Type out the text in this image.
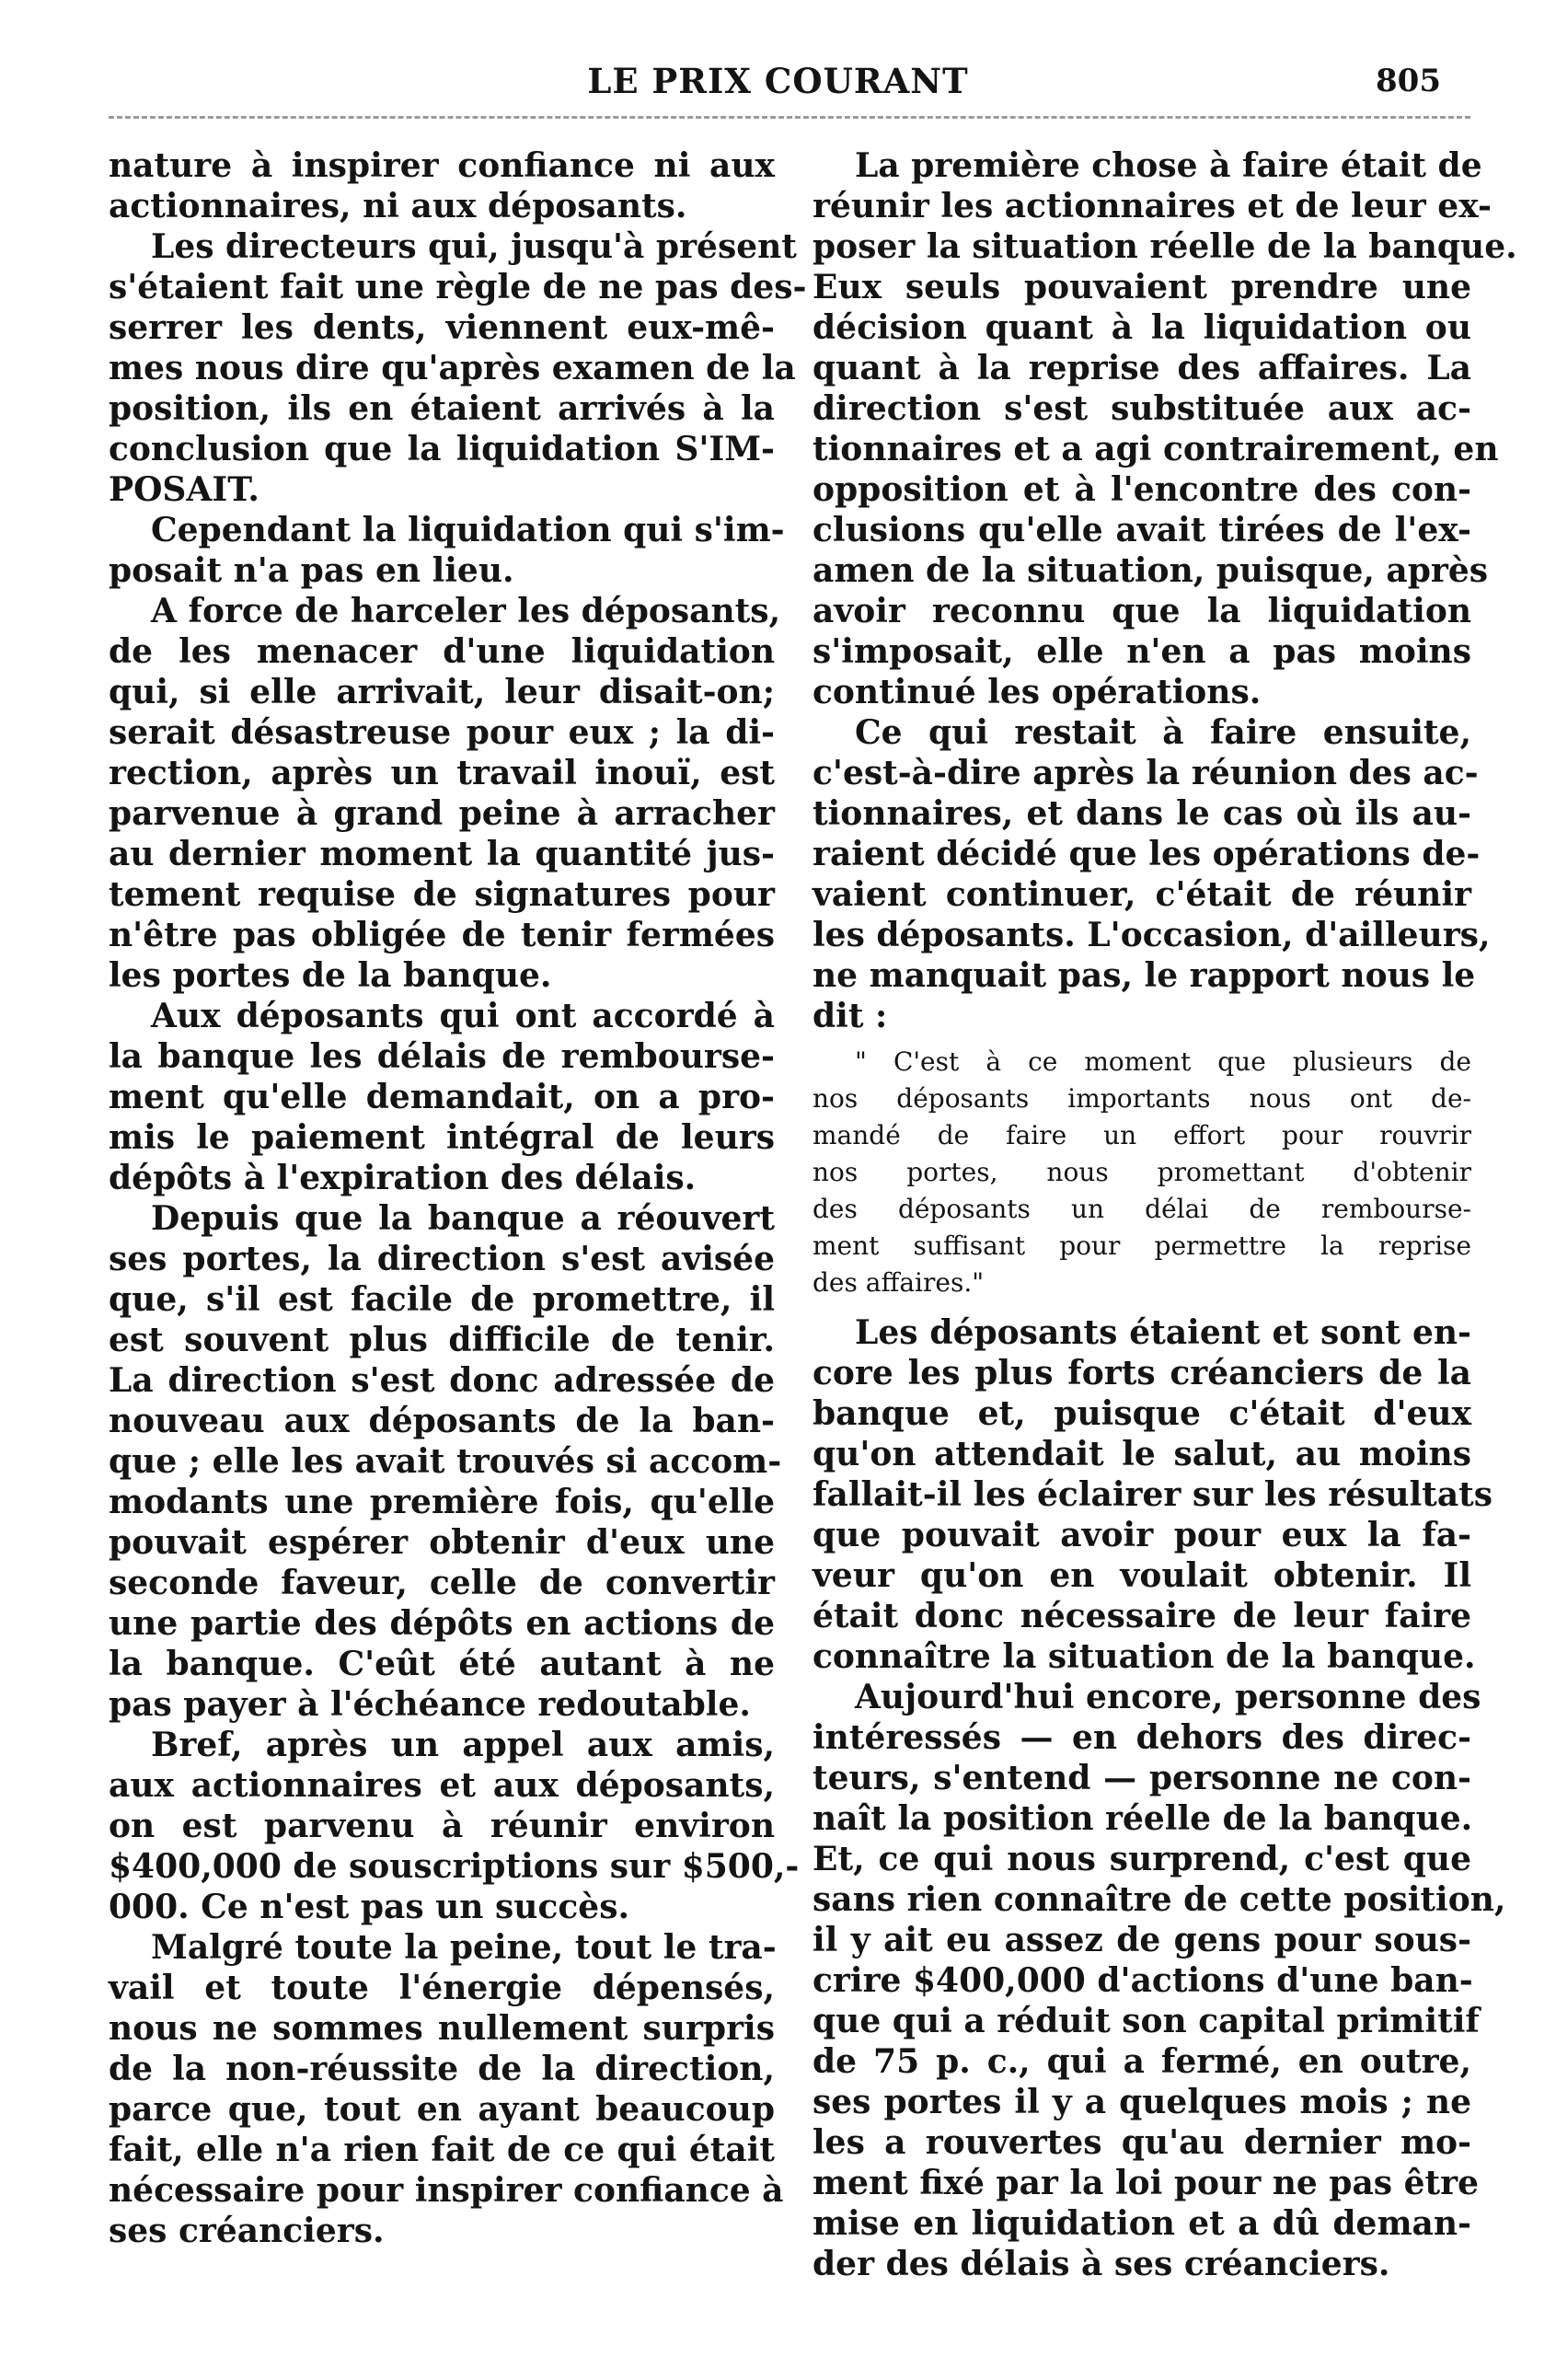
LE PRIX COURANT	805
nature à inspirer confiance ni aux
actionnaires, ni aux déposants.
Les directeurs qui, jusqu'à présent
s'étaient fait une règle de ne pas des-
serrer les dents, viennent eux-mê-
mes nous dire qu'après examen de la
position, ils en étaient arrivés à la
conclusion que la liquidation S'IM-
POSAIT.
Cependant la liquidation qui s'im-
posait n'a pas en lieu.
A force de harceler les déposants,
de les menacer d'une liquidation
qui, si elle arrivait, leur disait-on;
serait désastreuse pour eux ; la di-
rection, après un travail inouï, est
parvenue à grand peine à arracher
au dernier moment la quantité jus-
tement requise de signatures pour
n'être pas obligée de tenir fermées
les portes de la banque.
Aux déposants qui ont accordé à
la banque les délais de rembourse-
ment qu'elle demandait, on a pro-
mis le paiement intégral de leurs
dépôts à l'expiration des délais.
Depuis que la banque a réouvert
ses portes, la direction s'est avisée
que, s'il est facile de promettre, il
est souvent plus difficile de tenir.
La direction s'est donc adressée de
nouveau aux déposants de la ban-
que ; elle les avait trouvés si accom-
modants une première fois, qu'elle
pouvait espérer obtenir d'eux une
seconde faveur, celle de convertir
une partie des dépôts en actions de
la banque. C'eût été autant à ne
pas payer à l'échéance redoutable.
Bref, après un appel aux amis,
aux actionnaires et aux déposants,
on est parvenu à réunir environ
$400,000 de souscriptions sur $500,-
000. Ce n'est pas un succès.
Malgré toute la peine, tout le tra-
vail et toute l'énergie dépensés,
nous ne sommes nullement surpris
de la non-réussite de la direction,
parce que, tout en ayant beaucoup
fait, elle n'a rien fait de ce qui était
nécessaire pour inspirer confiance à
ses créanciers.
La première chose à faire était de
réunir les actionnaires et de leur ex-
poser la situation réelle de la banque.
Eux seuls pouvaient prendre une
décision quant à la liquidation ou
quant à la reprise des affaires. La
direction s'est substituée aux ac-
tionnaires et a agi contrairement, en
opposition et à l'encontre des con-
clusions qu'elle avait tirées de l'ex-
amen de la situation, puisque, après
avoir reconnu que la liquidation
s'imposait, elle n'en a pas moins
continué les opérations.
Ce qui restait à faire ensuite,
c'est-à-dire après la réunion des ac-
tionnaires, et dans le cas où ils au-
raient décidé que les opérations de-
vaient continuer, c'était de réunir
les déposants. L'occasion, d'ailleurs,
ne manquait pas, le rapport nous le
dit :
" C'est à ce moment que plusieurs de
nos déposants importants nous ont de-
mandé de faire un effort pour rouvrir
nos portes, nous promettant d'obtenir
des déposants un délai de rembourse-
ment suffisant pour permettre la reprise
des affaires."
Les déposants étaient et sont en-
core les plus forts créanciers de la
banque et, puisque c'était d'eux
qu'on attendait le salut, au moins
fallait-il les éclairer sur les résultats
que pouvait avoir pour eux la fa-
veur qu'on en voulait obtenir. Il
était donc nécessaire de leur faire
connaître la situation de la banque.
Aujourd'hui encore, personne des
intéressés — en dehors des direc-
teurs, s'entend — personne ne con-
naît la position réelle de la banque.
Et, ce qui nous surprend, c'est que
sans rien connaître de cette position,
il y ait eu assez de gens pour sous-
crire $400,000 d'actions d'une ban-
que qui a réduit son capital primitif
de 75 p. c., qui a fermé, en outre,
ses portes il y a quelques mois ; ne
les a rouvertes qu'au dernier mo-
ment fixé par la loi pour ne pas être
mise en liquidation et a dû deman-
der des délais à ses créanciers.
